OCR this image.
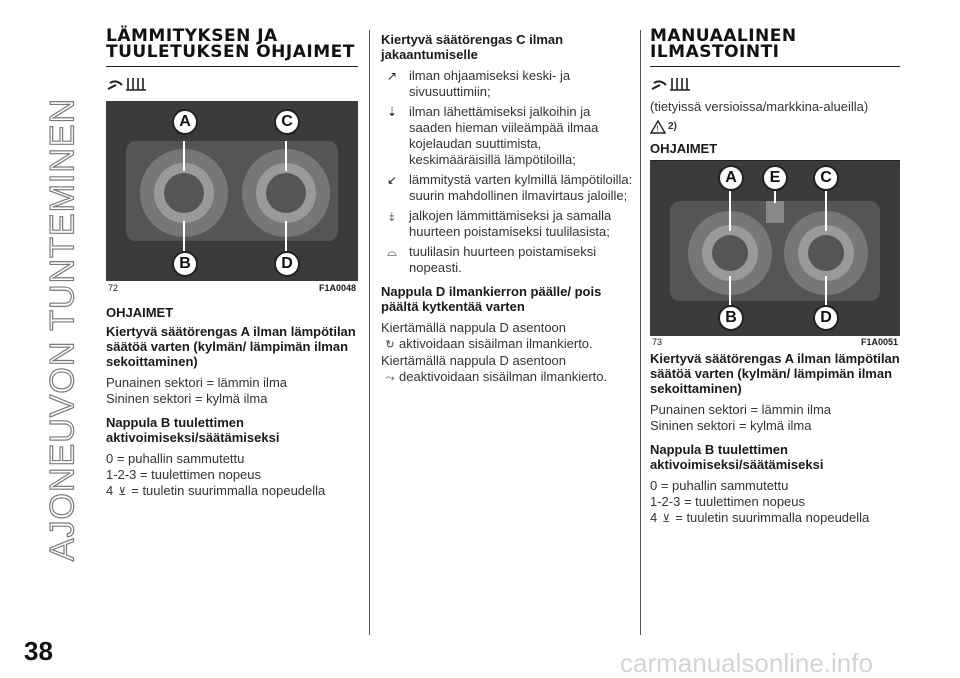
AJONEUVON TUNTEMINEN
38	carmanualsonline.info
LÄMMITYKSEN JA TUULETUKSEN OHJAIMET
A	C
B	D
72	F1A0048
OHJAIMET
Kiertyvä säätörengas A ilman lämpötilan säätöä varten (kylmän/ lämpimän ilman sekoittaminen)
Punainen sektori = lämmin ilma
Sininen sektori = kylmä ilma
Nappula B tuulettimen aktivoimiseksi/säätämiseksi
0 = puhallin sammutettu
1-2-3 = tuulettimen nopeus
4 ⊻ = tuuletin suurimmalla nopeudella
Kiertyvä säätörengas C ilman jakaantumiselle
↗ ilman ohjaamiseksi keski- ja sivusuuttimiin;
⇣ ilman lähettämiseksi jalkoihin ja saaden hieman viileämpää ilmaa kojelaudan suuttimista, keskimääräisillä lämpötiloilla;
↙ lämmitystä varten kylmillä lämpötiloilla: suurin mahdollinen ilmavirtaus jaloille;
⤈	jalkojen lämmittämiseksi ja samalla huurteen poistamiseksi tuulilasista;
⌓ tuulilasin huurteen poistamiseksi nopeasti.
Nappula D ilmankierron päälle/ pois päältä kytkentää varten
Kiertämällä nappula D asentoon
↻ aktivoidaan sisäilman ilmankierto.
Kiertämällä nappula D asentoon
⤳ deaktivoidaan sisäilman ilmankierto.
MANUAALINEN ILMASTOINTI
(tietyissä versioissa/markkina-alueilla)
! 2)
OHJAIMET
A	E	C
B	D
73	F1A0051
Kiertyvä säätörengas A ilman lämpötilan säätöä varten (kylmän/ lämpimän ilman sekoittaminen)
Punainen sektori = lämmin ilma
Sininen sektori = kylmä ilma
Nappula B tuulettimen aktivoimiseksi/säätämiseksi
0 = puhallin sammutettu
1-2-3 = tuulettimen nopeus
4 ⊻ = tuuletin suurimmalla nopeudella
